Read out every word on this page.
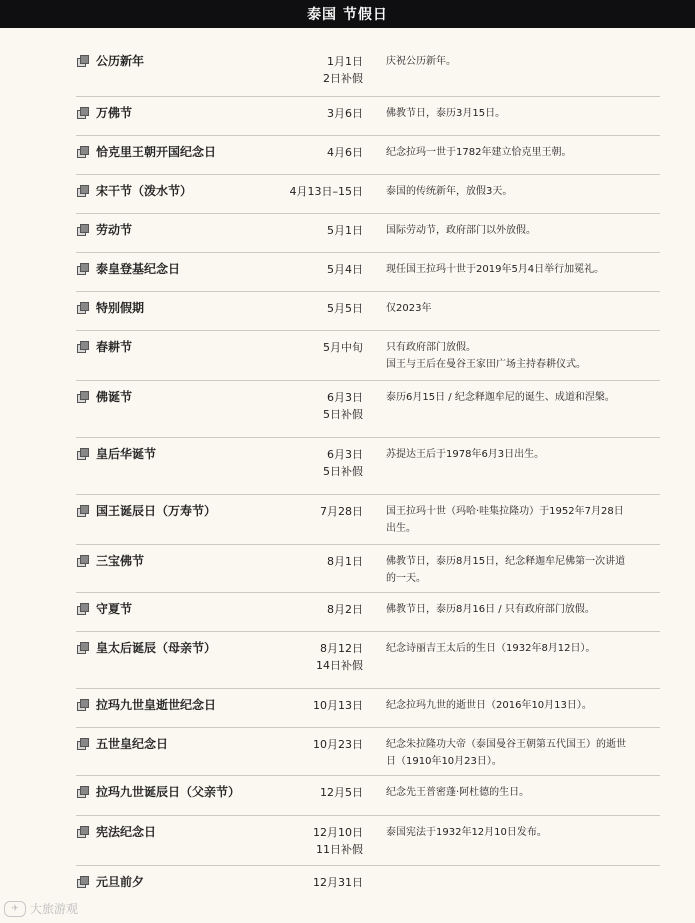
泰国 节假日
公历新年	1月1日
2日补假
庆祝公历新年。
万佛节	3月6日 佛教节日，泰历3月15日。
恰克里王朝开国纪念日	4月6日 纪念拉玛一世于1782年建立恰克里王朝。
宋干节（泼水节）	4月13日–15日 泰国的传统新年，放假3天。
劳动节	5月1日 国际劳动节，政府部门以外放假。
泰皇登基纪念日	5月4日 现任国王拉玛十世于2019年5月4日举行加冕礼。
特别假期	5月5日 仅2023年
春耕节	5月中旬 只有政府部门放假。
国王与王后在曼谷王家田广场主持春耕仪式。
佛诞节	6月3日
5日补假
泰历6月15日 / 纪念释迦牟尼的诞生、成道和涅槃。
皇后华诞节	6月3日
5日补假
苏提达王后于1978年6月3日出生。
国王诞辰日（万寿节）	7月28日 国王拉玛十世（玛哈·哇集拉隆功）于1952年7月28日
出生。
三宝佛节	8月1日 佛教节日，泰历8月15日，纪念释迦牟尼佛第一次讲道
的一天。
守夏节	8月2日 佛教节日，泰历8月16日 / 只有政府部门放假。
皇太后诞辰（母亲节）	8月12日
14日补假
纪念诗丽吉王太后的生日（1932年8月12日）。
拉玛九世皇逝世纪念日	10月13日 纪念拉玛九世的逝世日（2016年10月13日）。
五世皇纪念日	10月23日 纪念朱拉隆功大帝（泰国曼谷王朝第五代国王）的逝世
日（1910年10月23日）。
拉玛九世诞辰日（父亲节）	12月5日 纪念先王普密蓬·阿杜德的生日。
宪法纪念日	12月10日
11日补假
泰国宪法于1932年12月10日发布。
元旦前夕	12月31日
✈ 大旅游观
